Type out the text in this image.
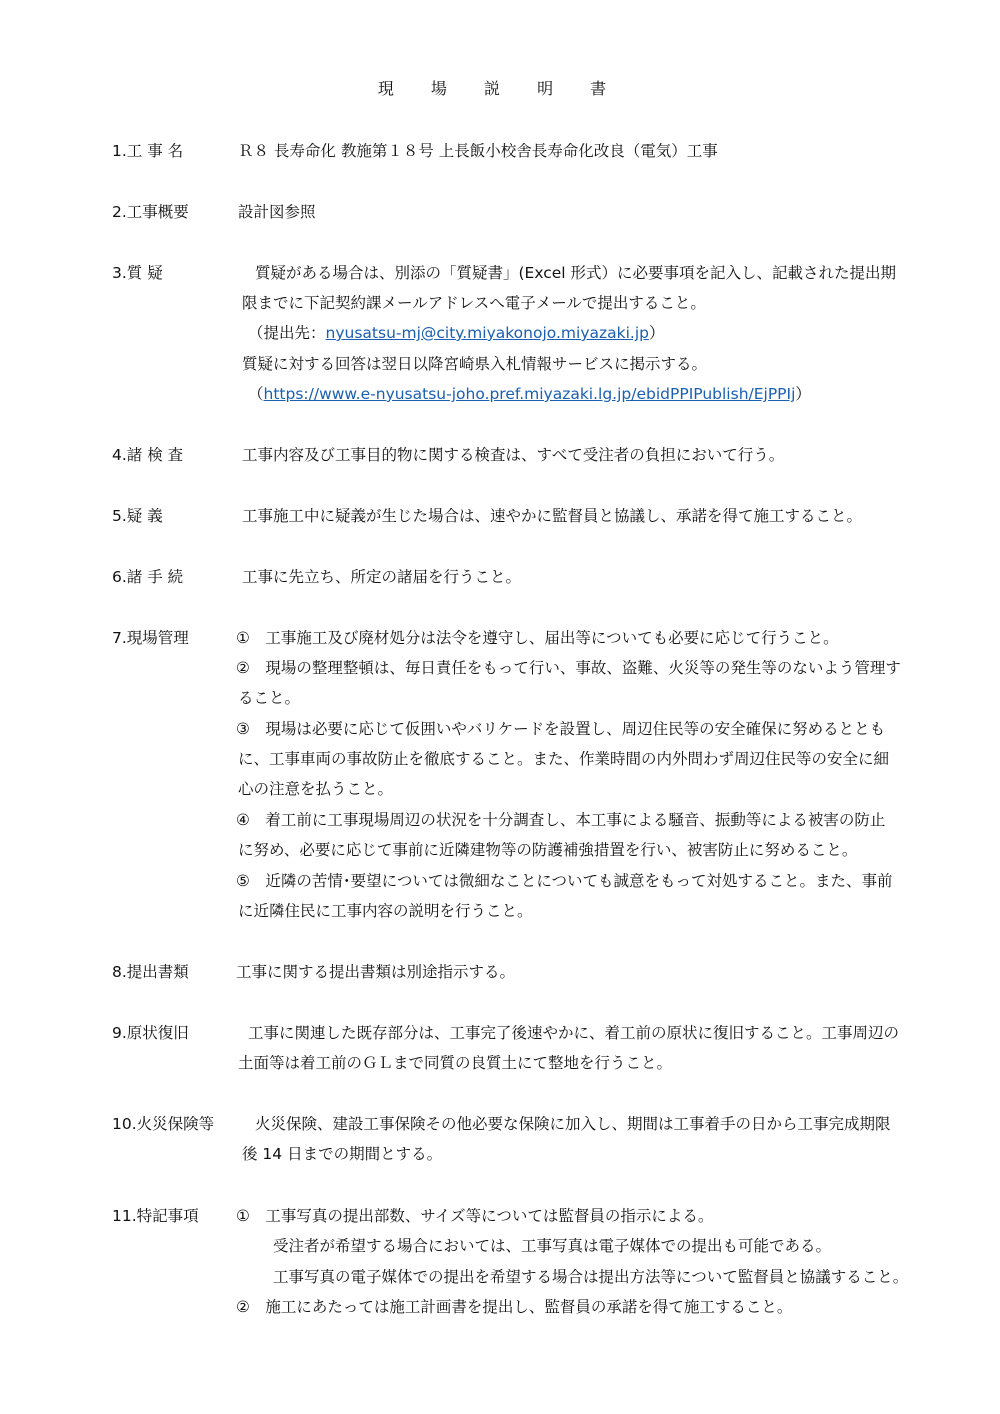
現 場 説 明 書
1.工 事 名	Ｒ８ 長寿命化 教施第１８号 上長飯小校舎長寿命化改良（電気）工事
2.工事概要	設計図参照
3.質 疑	質疑がある場合は、別添の「質疑書」(Excel 形式）に必要事項を記入し、記載された提出期
限までに下記契約課メールアドレスへ電子メールで提出すること。
（提出先：nyusatsu-mj@city.miyakonojo.miyazaki.jp）
質疑に対する回答は翌日以降宮崎県入札情報サービスに掲示する。
（https://www.e-nyusatsu-joho.pref.miyazaki.lg.jp/ebidPPIPublish/EjPPIj）
4.諸 検 査	工事内容及び工事目的物に関する検査は、すべて受注者の負担において行う。
5.疑 義	工事施工中に疑義が生じた場合は、速やかに監督員と協議し、承諾を得て施工すること。
6.諸 手 続	工事に先立ち、所定の諸届を行うこと。
7.現場管理	①　工事施工及び廃材処分は法令を遵守し、届出等についても必要に応じて行うこと。
②　現場の整理整頓は、毎日責任をもって行い、事故、盗難、火災等の発生等のないよう管理す
ること。
③　現場は必要に応じて仮囲いやバリケードを設置し、周辺住民等の安全確保に努めるととも
に、工事車両の事故防止を徹底すること。また、作業時間の内外問わず周辺住民等の安全に細
心の注意を払うこと。
④　着工前に工事現場周辺の状況を十分調査し、本工事による騒音、振動等による被害の防止
に努め、必要に応じて事前に近隣建物等の防護補強措置を行い、被害防止に努めること。
⑤　近隣の苦情･要望については微細なことについても誠意をもって対処すること。また、事前
に近隣住民に工事内容の説明を行うこと。
8.提出書類	工事に関する提出書類は別途指示する。
9.原状復旧	工事に関連した既存部分は、工事完了後速やかに、着工前の原状に復旧すること。工事周辺の
土面等は着工前のＧＬまで同質の良質土にて整地を行うこと。
10.火災保険等	火災保険、建設工事保険その他必要な保険に加入し、期間は工事着手の日から工事完成期限
後 14 日までの期間とする。
11.特記事項 ①　工事写真の提出部数、サイズ等については監督員の指示による。
受注者が希望する場合においては、工事写真は電子媒体での提出も可能である。
工事写真の電子媒体での提出を希望する場合は提出方法等について監督員と協議すること。
②　施工にあたっては施工計画書を提出し、監督員の承諾を得て施工すること。
